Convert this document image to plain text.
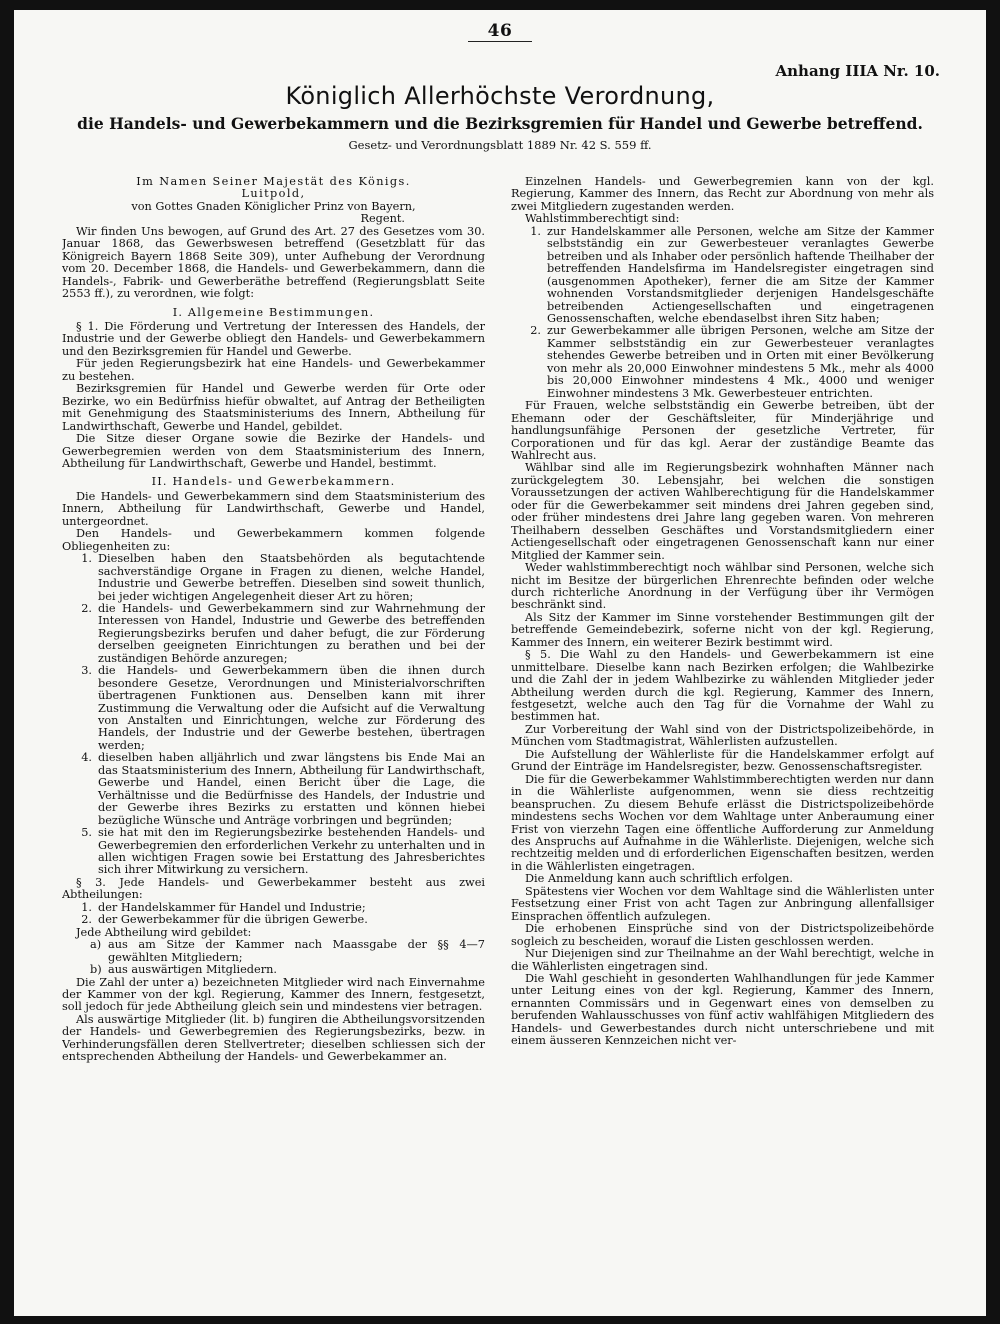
46
Anhang IIIA Nr. 10.
Königlich Allerhöchste Verordnung,
die Handels- und Gewerbekammern und die Bezirksgremien für Handel und Gewerbe betreffend.
Gesetz- und Verordnungsblatt 1889 Nr. 42 S. 559 ff.

Im Namen Seiner Majestät des Königs.

Luitpold,

von Gottes Gnaden Königlicher Prinz von Bayern,

Regent.

Wir finden Uns bewogen, auf Grund des Art. 27 des Gesetzes vom 30. Januar 1868, das Gewerbswesen betreffend (Gesetzblatt für das Königreich Bayern 1868 Seite 309), unter Aufhebung der Verordnung vom 20. December 1868, die Handels- und Gewerbekammern, dann die Handels-, Fabrik- und Gewerberäthe betreffend (Regierungsblatt Seite 2553 ff.), zu verordnen, wie folgt:

I. Allgemeine Bestimmungen.

§ 1. Die Förderung und Vertretung der Interessen des Handels, der Industrie und der Gewerbe obliegt den Handels- und Gewerbekammern und den Bezirksgremien für Handel und Gewerbe.

Für jeden Regierungsbezirk hat eine Handels- und Gewerbekammer zu bestehen.

Bezirksgremien für Handel und Gewerbe werden für Orte oder Bezirke, wo ein Bedürfniss hiefür obwaltet, auf Antrag der Betheiligten mit Genehmigung des Staatsministeriums des Innern, Abtheilung für Landwirthschaft, Gewerbe und Handel, gebildet.

Die Sitze dieser Organe sowie die Bezirke der Handels- und Gewerbegremien werden von dem Staatsministerium des Innern, Abtheilung für Landwirthschaft, Gewerbe und Handel, bestimmt.

II. Handels- und Gewerbekammern.

Die Handels- und Gewerbekammern sind dem Staatsministerium des Innern, Abtheilung für Landwirthschaft, Gewerbe und Handel, untergeordnet.

Den Handels- und Gewerbekammern kommen folgende Obliegenheiten zu:

1. Dieselben haben den Staatsbehörden als begutachtende sachverständige Organe in Fragen zu dienen, welche Handel, Industrie und Gewerbe betreffen. Dieselben sind soweit thunlich, bei jeder wichtigen Angelegenheit dieser Art zu hören;
2. die Handels- und Gewerbekammern sind zur Wahrnehmung der Interessen von Handel, Industrie und Gewerbe des betreffenden Regierungsbezirks berufen und daher befugt, die zur Förderung derselben geeigneten Einrichtungen zu berathen und bei der zuständigen Behörde anzuregen;
3. die Handels- und Gewerbekammern üben die ihnen durch besondere Gesetze, Verordnungen und Ministerialvorschriften übertragenen Funktionen aus. Denselben kann mit ihrer Zustimmung die Verwaltung oder die Aufsicht auf die Verwaltung von Anstalten und Einrichtungen, welche zur Förderung des Handels, der Industrie und der Gewerbe bestehen, übertragen werden;
4. dieselben haben alljährlich und zwar längstens bis Ende Mai an das Staatsministerium des Innern, Abtheilung für Landwirthschaft, Gewerbe und Handel, einen Bericht über die Lage, die Verhältnisse und die Bedürfnisse des Handels, der Industrie und der Gewerbe ihres Bezirks zu erstatten und können hiebei bezügliche Wünsche und Anträge vorbringen und begründen;
5. sie hat mit den im Regierungsbezirke bestehenden Handels- und Gewerbegremien den erforderlichen Verkehr zu unterhalten und in allen wichtigen Fragen sowie bei Erstattung des Jahresberichtes sich ihrer Mitwirkung zu versichern.

§ 3. Jede Handels- und Gewerbekammer besteht aus zwei Abtheilungen:

1. der Handelskammer für Handel und Industrie;
2. der Gewerbekammer für die übrigen Gewerbe.

Jede Abtheilung wird gebildet:

a) aus am Sitze der Kammer nach Maassgabe der §§ 4—7 gewählten Mitgliedern;
b) aus auswärtigen Mitgliedern.

Die Zahl der unter a) bezeichneten Mitglieder wird nach Einvernahme der Kammer von der kgl. Regierung, Kammer des Innern, festgesetzt, soll jedoch für jede Abtheilung gleich sein und mindestens vier betragen.

Als auswärtige Mitglieder (lit. b) fungiren die Abtheilungsvorsitzenden der Handels- und Gewerbegremien des Regierungsbezirks, bezw. in Verhinderungsfällen deren Stellvertreter; dieselben schliessen sich der entsprechenden Abtheilung der Handels- und Gewerbekammer an.

Einzelnen Handels- und Gewerbegremien kann von der kgl. Regierung, Kammer des Innern, das Recht zur Abordnung von mehr als zwei Mitgliedern zugestanden werden.

Wahlstimmberechtigt sind:

1. zur Handelskammer alle Personen, welche am Sitze der Kammer selbstständig ein zur Gewerbesteuer veranlagtes Gewerbe betreiben und als Inhaber oder persönlich haftende Theilhaber der betreffenden Handelsfirma im Handelsregister eingetragen sind (ausgenommen Apotheker), ferner die am Sitze der Kammer wohnenden Vorstandsmitglieder derjenigen Handelsgeschäfte betreibenden Actiengesellschaften und eingetragenen Genossenschaften, welche ebendaselbst ihren Sitz haben;
2. zur Gewerbekammer alle übrigen Personen, welche am Sitze der Kammer selbstständig ein zur Gewerbesteuer veranlagtes stehendes Gewerbe betreiben und in Orten mit einer Bevölkerung von mehr als 20,000 Einwohner mindestens 5 Mk., mehr als 4000 bis 20,000 Einwohner mindestens 4 Mk., 4000 und weniger Einwohner mindestens 3 Mk. Gewerbesteuer entrichten.

Für Frauen, welche selbstständig ein Gewerbe betreiben, übt der Ehemann oder der Geschäftsleiter, für Minderjährige und handlungsunfähige Personen der gesetzliche Vertreter, für Corporationen und für das kgl. Aerar der zuständige Beamte das Wahlrecht aus.

Wählbar sind alle im Regierungsbezirk wohnhaften Männer nach zurückgelegtem 30. Lebensjahr, bei welchen die sonstigen Voraussetzungen der activen Wahlberechtigung für die Handelskammer oder für die Gewerbekammer seit mindens drei Jahren gegeben sind, oder früher mindestens drei Jahre lang gegeben waren. Von mehreren Theilhabern desselben Geschäftes und Vorstandsmitgliedern einer Actiengesellschaft oder eingetragenen Genossenschaft kann nur einer Mitglied der Kammer sein.

Weder wahlstimmberechtigt noch wählbar sind Personen, welche sich nicht im Besitze der bürgerlichen Ehrenrechte befinden oder welche durch richterliche Anordnung in der Verfügung über ihr Vermögen beschränkt sind.

Als Sitz der Kammer im Sinne vorstehender Bestimmungen gilt der betreffende Gemeindebezirk, soferne nicht von der kgl. Regierung, Kammer des Innern, ein weiterer Bezirk bestimmt wird.

§ 5. Die Wahl zu den Handels- und Gewerbekammern ist eine unmittelbare. Dieselbe kann nach Bezirken erfolgen; die Wahlbezirke und die Zahl der in jedem Wahlbezirke zu wählenden Mitglieder jeder Abtheilung werden durch die kgl. Regierung, Kammer des Innern, festgesetzt, welche auch den Tag für die Vornahme der Wahl zu bestimmen hat.

Zur Vorbereitung der Wahl sind von der Districtspolizeibehörde, in München vom Stadtmagistrat, Wählerlisten aufzustellen.

Die Aufstellung der Wählerliste für die Handelskammer erfolgt auf Grund der Einträge im Handelsregister, bezw. Genossenschaftsregister.

Die für die Gewerbekammer Wahlstimmberechtigten werden nur dann in die Wählerliste aufgenommen, wenn sie diess rechtzeitig beanspruchen. Zu diesem Behufe erlässt die Districtspolizeibehörde mindestens sechs Wochen vor dem Wahltage unter Anberaumung einer Frist von vierzehn Tagen eine öffentliche Aufforderung zur Anmeldung des Anspruchs auf Aufnahme in die Wählerliste. Diejenigen, welche sich rechtzeitig melden und di erforderlichen Eigenschaften besitzen, werden in die Wählerlisten eingetragen.

Die Anmeldung kann auch schriftlich erfolgen.

Spätestens vier Wochen vor dem Wahltage sind die Wählerlisten unter Festsetzung einer Frist von acht Tagen zur Anbringung allenfallsiger Einsprachen öffentlich aufzulegen.

Die erhobenen Einsprüche sind von der Districtspolizeibehörde sogleich zu bescheiden, worauf die Listen geschlossen werden.

Nur Diejenigen sind zur Theilnahme an der Wahl berechtigt, welche in die Wählerlisten eingetragen sind.

Die Wahl geschieht in gesonderten Wahlhandlungen für jede Kammer unter Leitung eines von der kgl. Regierung, Kammer des Innern, ernannten Commissärs und in Gegenwart eines von demselben zu berufenden Wahlausschusses von fünf activ wahlfähigen Mitgliedern des Handels- und Gewerbestandes durch nicht unterschriebene und mit einem äusseren Kennzeichen nicht ver-
